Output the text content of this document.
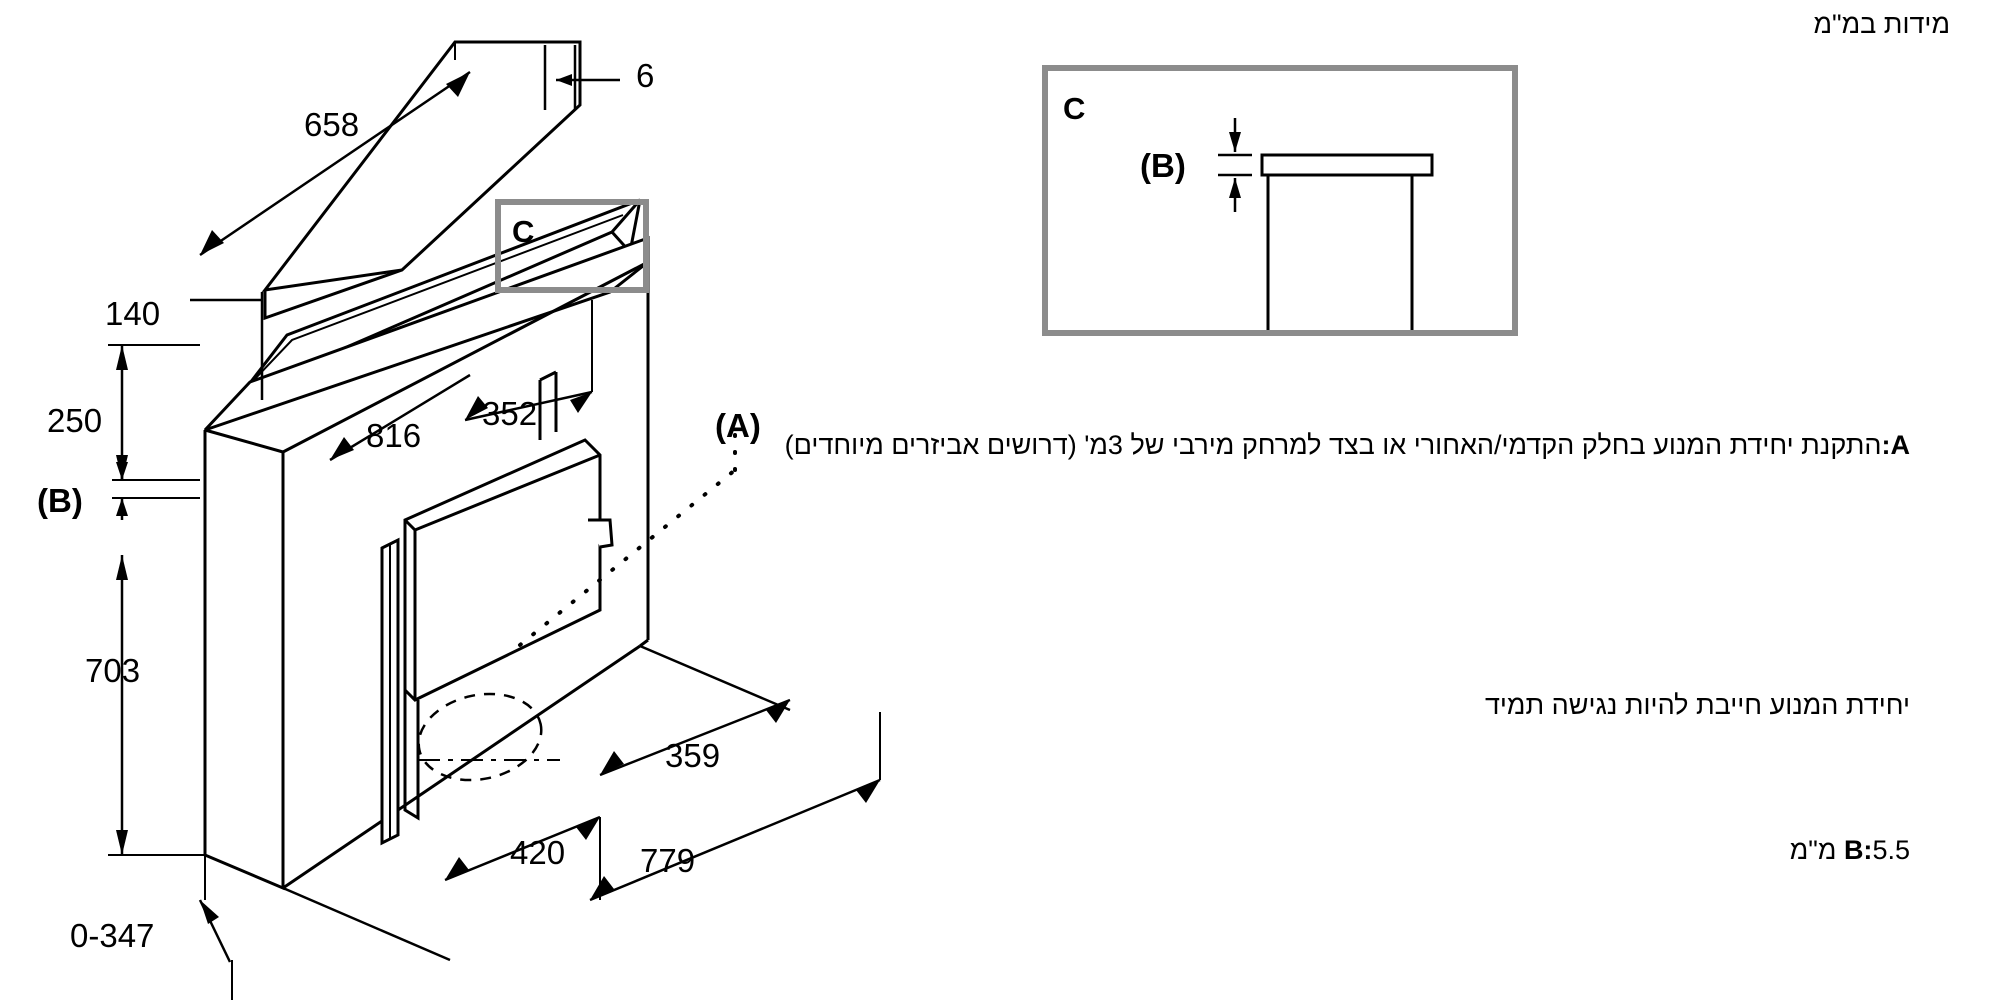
6
658
140
250	816
352
703
359
420 779
0-347
(A)
(B)
(B)
C
C
מידות במ"מ

A:התקנת יחידת המנוע בחלק הקדמי/האחורי או בצד למרחק מירבי של 3מ' (דרושים אביזרים מיוחדים)

יחידת המנוע חייבת להיות נגישה תמיד

B:5.5 מ"מ
